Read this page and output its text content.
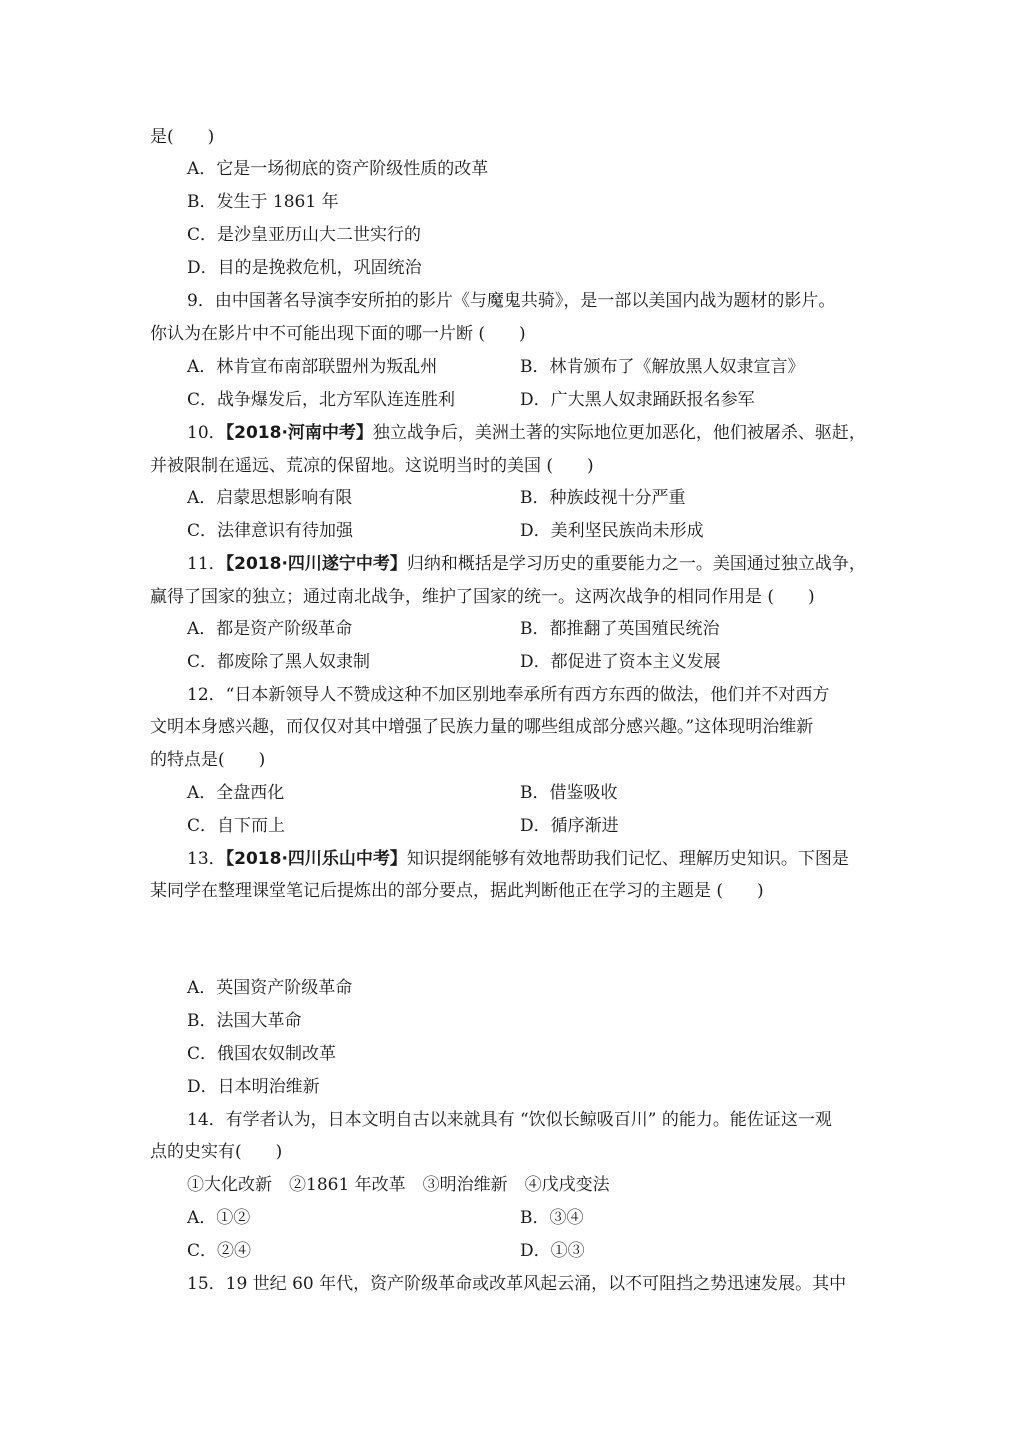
是(　　)
A．它是一场彻底的资产阶级性质的改革
B．发生于 1861 年
C．是沙皇亚历山大二世实行的
D．目的是挽救危机，巩固统治
9．由中国著名导演李安所拍的影片《与魔鬼共骑》，是一部以美国内战为题材的影片。
你认为在影片中不可能出现下面的哪一片断 (　　)
A．林肯宣布南部联盟州为叛乱州	B．林肯颁布了《解放黑人奴隶宣言》
C．战争爆发后，北方军队连连胜利	D．广大黑人奴隶踊跃报名参军
10．【2018·河南中考】独立战争后，美洲土著的实际地位更加恶化，他们被屠杀、驱赶，
并被限制在遥远、荒凉的保留地。这说明当时的美国 (　　)
A．启蒙思想影响有限	B．种族歧视十分严重
C．法律意识有待加强	D．美利坚民族尚未形成
11．【2018·四川遂宁中考】归纳和概括是学习历史的重要能力之一。美国通过独立战争，
赢得了国家的独立；通过南北战争，维护了国家的统一。这两次战争的相同作用是 (　　)
A．都是资产阶级革命	B．都推翻了英国殖民统治
C．都废除了黑人奴隶制	D．都促进了资本主义发展
12．“日本新领导人不赞成这种不加区别地奉承所有西方东西的做法，他们并不对西方
文明本身感兴趣，而仅仅对其中增强了民族力量的哪些组成部分感兴趣。”这体现明治维新
的特点是(　　)
A．全盘西化	B．借鉴吸收
C．自下而上	D．循序渐进
13．【2018·四川乐山中考】知识提纲能够有效地帮助我们记忆、理解历史知识。下图是
某同学在整理课堂笔记后提炼出的部分要点，据此判断他正在学习的主题是 (　　)
A．英国资产阶级革命
B．法国大革命
C．俄国农奴制改革
D．日本明治维新
14．有学者认为，日本文明自古以来就具有 “饮似长鲸吸百川” 的能力。能佐证这一观
点的史实有(　　)
①大化改新　②1861 年改革　③明治维新　④戊戌变法
A．①②	B．③④
C．②④	D．①③
15．19 世纪 60 年代，资产阶级革命或改革风起云涌，以不可阻挡之势迅速发展。其中
